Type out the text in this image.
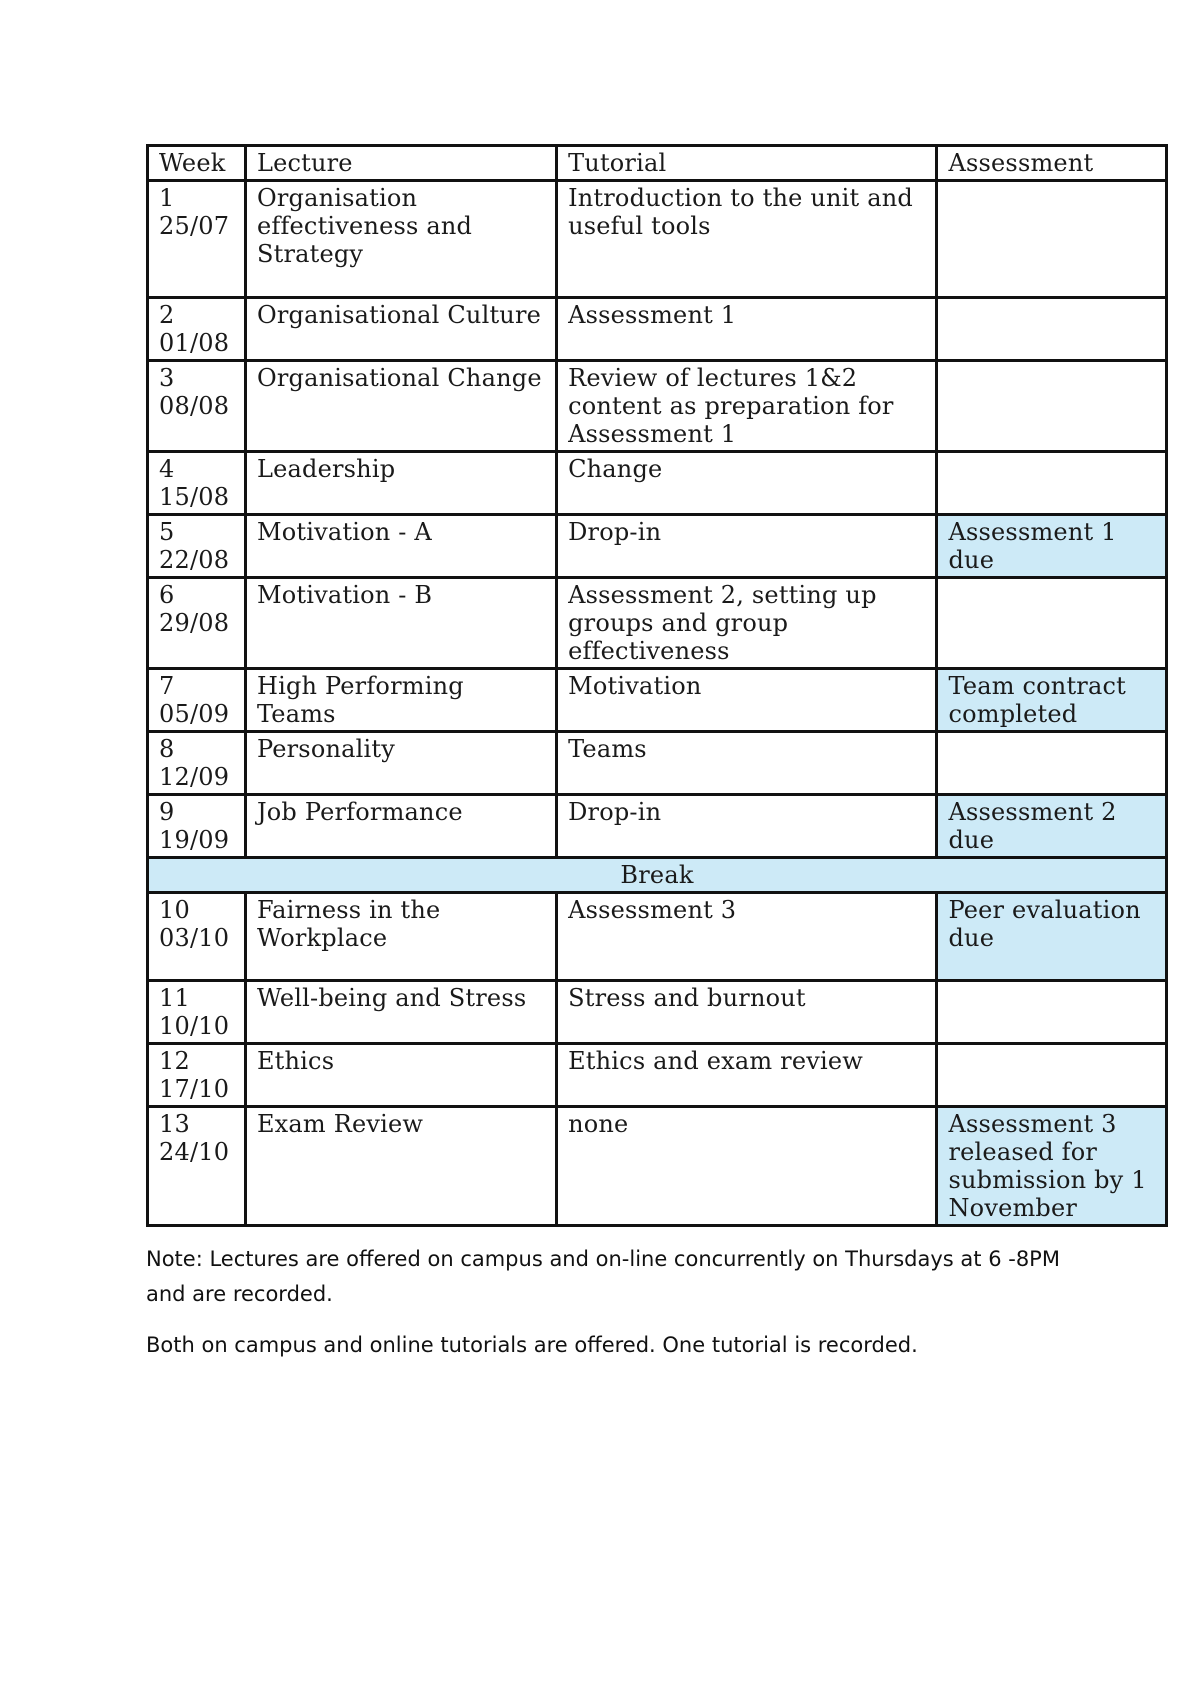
Week	Lecture	Tutorial	Assessment

1
25/07	Organisation effectiveness and Strategy	Introduction to the unit and useful tools	

2
01/08	Organisational Culture	Assessment 1	

3
08/08	Organisational Change	Review of lectures 1&2 content as preparation for Assessment 1	

4
15/08	Leadership	Change	

5
22/08	Motivation - A	Drop-in	Assessment 1 due

6
29/08	Motivation - B	Assessment 2, setting up groups and group effectiveness	

7
05/09	High Performing Teams	Motivation	Team contract completed

8
12/09	Personality	Teams	

9
19/09	Job Performance	Drop-in	Assessment 2 due
Break			

10
03/10	Fairness in the Workplace	Assessment 3	Peer evaluation due

11
10/10	Well-being and Stress	Stress and burnout	

12
17/10	Ethics	Ethics and exam review	

13
24/10	Exam Review	none	Assessment 3 released for submission by 1 November

Note: Lectures are offered on campus and on-line concurrently on Thursdays at 6 -8PM and are recorded.

Both on campus and online tutorials are offered. One tutorial is recorded.
